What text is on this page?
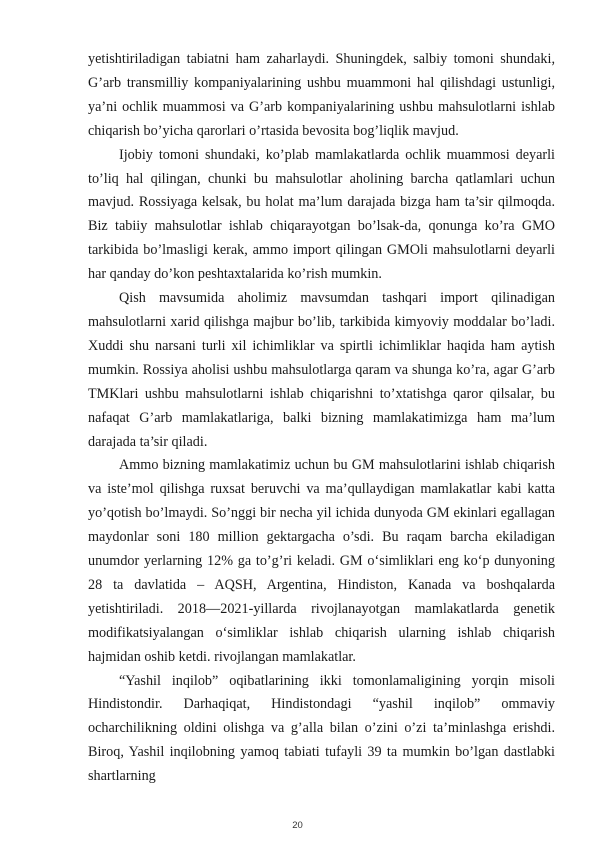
yetishtiriladigan tabiatni ham zaharlaydi. Shuningdek, salbiy tomoni shundaki, G’arb transmilliy kompaniyalarining ushbu muammoni hal qilishdagi ustunligi, ya’ni ochlik muammosi va G’arb kompaniyalarining ushbu mahsulotlarni ishlab chiqarish bo’yicha qarorlari o’rtasida bevosita bog’liqlik mavjud.

Ijobiy tomoni shundaki, ko’plab mamlakatlarda ochlik muammosi deyarli to’liq hal qilingan, chunki bu mahsulotlar aholining barcha qatlamlari uchun mavjud. Rossiyaga kelsak, bu holat ma’lum darajada bizga ham ta’sir qilmoqda. Biz tabiiy mahsulotlar ishlab chiqarayotgan bo’lsak-da, qonunga ko’ra GMO tarkibida bo’lmasligi kerak, ammo import qilingan GMOli mahsulotlarni deyarli har qanday do’kon peshtaxtalarida ko’rish mumkin.

Qish mavsumida aholimiz mavsumdan tashqari import qilinadigan mahsulotlarni xarid qilishga majbur bo’lib, tarkibida kimyoviy moddalar bo’ladi. Xuddi shu narsani turli xil ichimliklar va spirtli ichimliklar haqida ham aytish mumkin. Rossiya aholisi ushbu mahsulotlarga qaram va shunga ko’ra, agar G’arb TMKlari ushbu mahsulotlarni ishlab chiqarishni to’xtatishga qaror qilsalar, bu nafaqat G’arb mamlakatlariga, balki bizning mamlakatimizga ham ma’lum darajada ta’sir qiladi.

Ammo bizning mamlakatimiz uchun bu GM mahsulotlarini ishlab chiqarish va iste’mol qilishga ruxsat beruvchi va ma’qullaydigan mamlakatlar kabi katta yo’qotish bo’lmaydi. So’nggi bir necha yil ichida dunyoda GM ekinlari egallagan maydonlar soni 180 million gektargacha o’sdi. Bu raqam barcha ekiladigan unumdor yerlarning 12% ga to’g’ri keladi. GM o‘simliklari eng ko‘p dunyoning 28 ta davlatida – AQSH, Argentina, Hindiston, Kanada va boshqalarda yetishtiriladi. 2018—2021-yillarda rivojlanayotgan mamlakatlarda genetik modifikatsiyalangan o‘simliklar ishlab chiqarish ularning ishlab chiqarish hajmidan oshib ketdi. rivojlangan mamlakatlar.

“Yashil inqilob” oqibatlarining ikki tomonlamaligining yorqin misoli Hindistondir. Darhaqiqat, Hindistondagi “yashil inqilob” ommaviy ocharchilikning oldini olishga va g’alla bilan o’zini o’zi ta’minlashga erishdi. Biroq, Yashil inqilobning yamoq tabiati tufayli 39 ta mumkin bo’lgan dastlabki shartlarning

20
